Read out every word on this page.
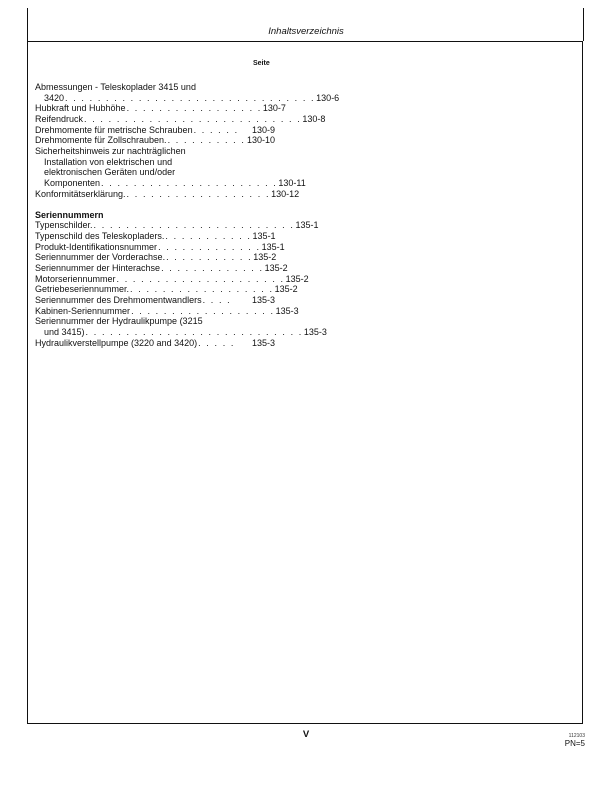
Inhaltsverzeichnis
Seite
Abmessungen - Teleskoplader 3415 und
3420 . . . . . . . . . . . . . . . . . . . . . . . . . . . . . . . 130-6
Hubkraft und Hubhöhe . . . . . . . . . . . . . . . . . 130-7
Reifendruck . . . . . . . . . . . . . . . . . . . . . . . . . . . 130-8
Drehmomente für metrische Schrauben . . . . . .	130-9
Drehmomente für Zollschrauben. . . . . . . . . . . 130-10
Sicherheitshinweis zur nachträglichen
Installation von elektrischen und
elektronischen Geräten und/oder
Komponenten . . . . . . . . . . . . . . . . . . . . . . 130-11
Konformitätserklärung. . . . . . . . . . . . . . . . . . . 130-12
Seriennummern
Typenschilder. . . . . . . . . . . . . . . . . . . . . . . . . . 135-1
Typenschild des Teleskopladers. . . . . . . . . . . . 135-1
Produkt-Identifikationsnummer . . . . . . . . . . . . . 135-1
Seriennummer der Vorderachse. . . . . . . . . . . . 135-2
Seriennummer der Hinterachse . . . . . . . . . . . . . 135-2
Motorseriennummer . . . . . . . . . . . . . . . . . . . . . 135-2
Getriebeseriennummer. . . . . . . . . . . . . . . . . . . 135-2
Seriennummer des Drehmomentwandlers . . . .	135-3
Kabinen-Seriennummer . . . . . . . . . . . . . . . . . . 135-3
Seriennummer der Hydraulikpumpe (3215
und 3415) . . . . . . . . . . . . . . . . . . . . . . . . . . . 135-3
Hydraulikverstellpumpe (3220 and 3420) . . . . .	135-3
V	112103
PN=5
